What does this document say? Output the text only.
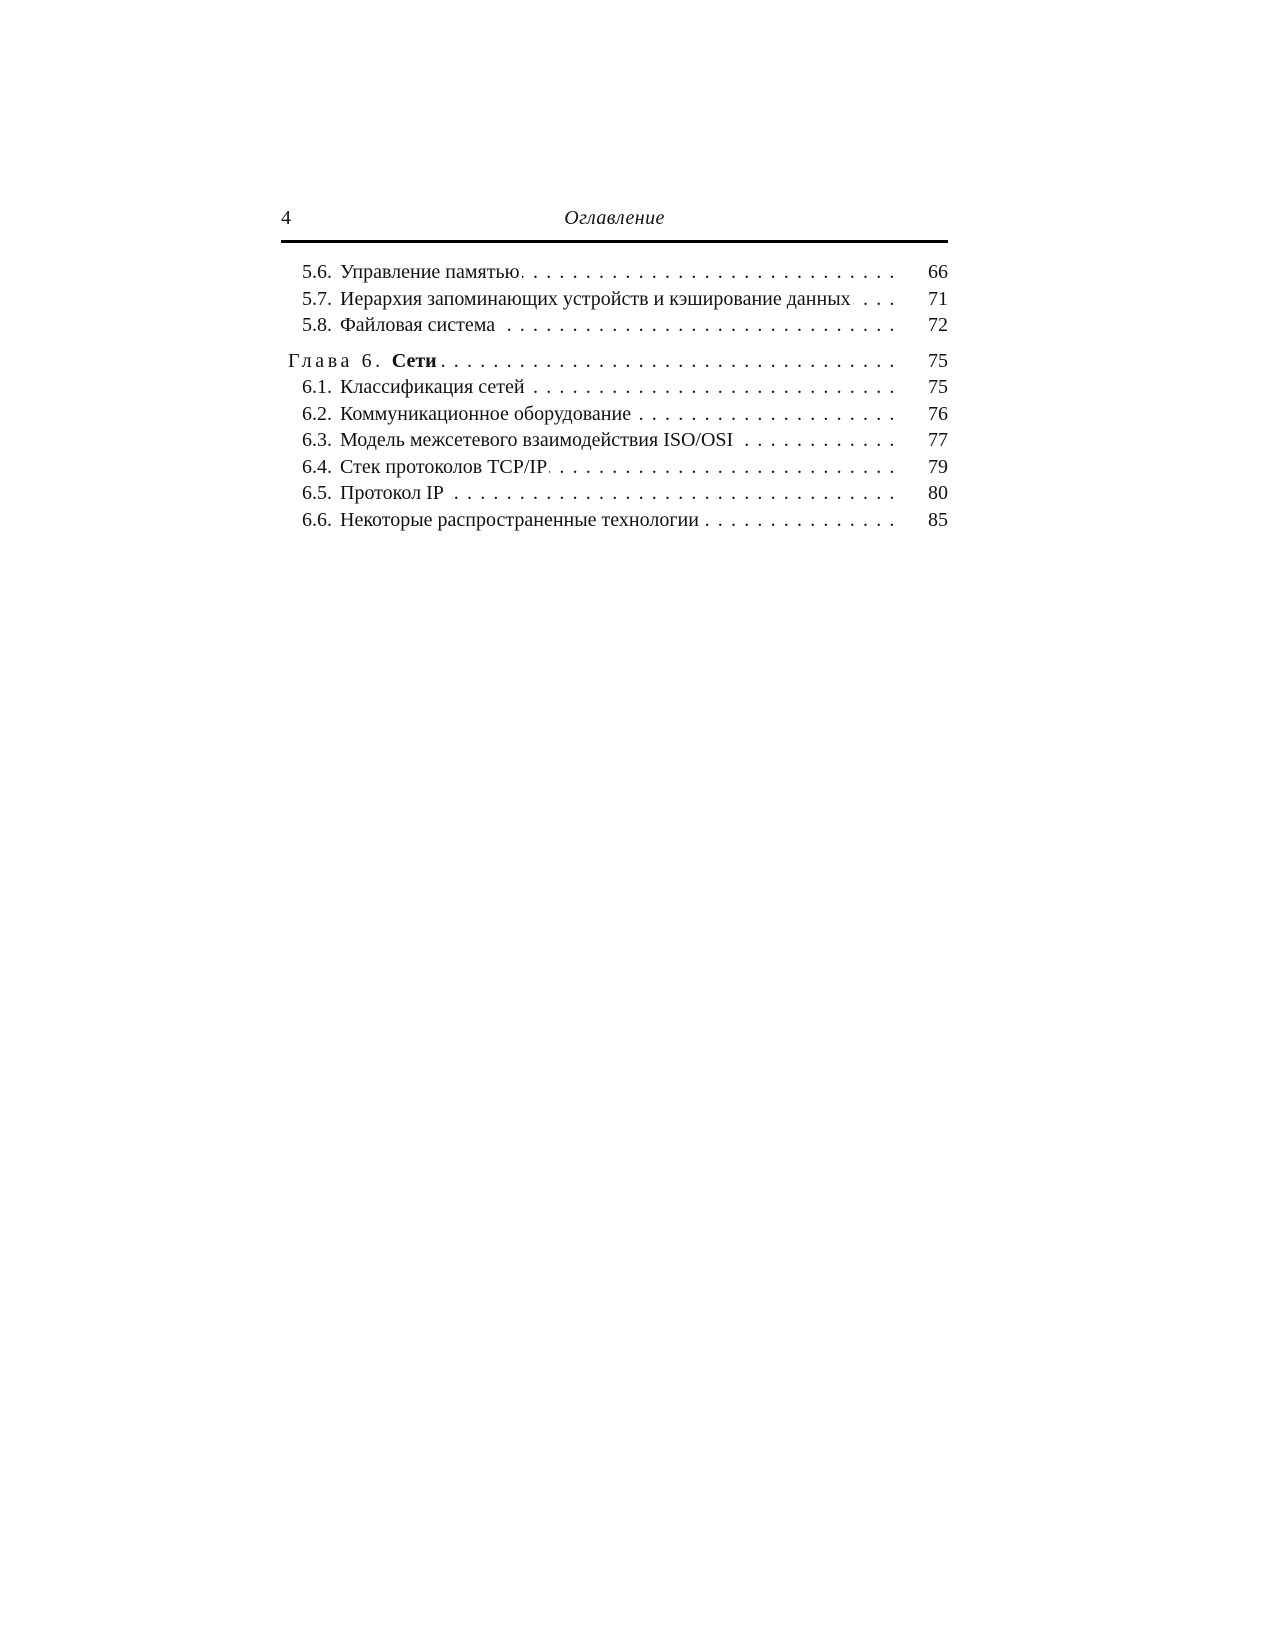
4	Оглавление
5.6. Управление памятью . . .	66
5.7. Иерархия запоминающих устройств и кэширование данных . . .	71
5.8. Файловая система . . .	72
Глава 6. Сети . . .	75
6.1. Классификация сетей . . .	75
6.2. Коммуникационное оборудование . . .	76
6.3. Модель межсетевого взаимодействия ISO/OSI . . .	77
6.4. Стек протоколов TCP/IP . . .	79
6.5. Протокол IP . . .	80
6.6. Некоторые распространенные технологии . . .	85
